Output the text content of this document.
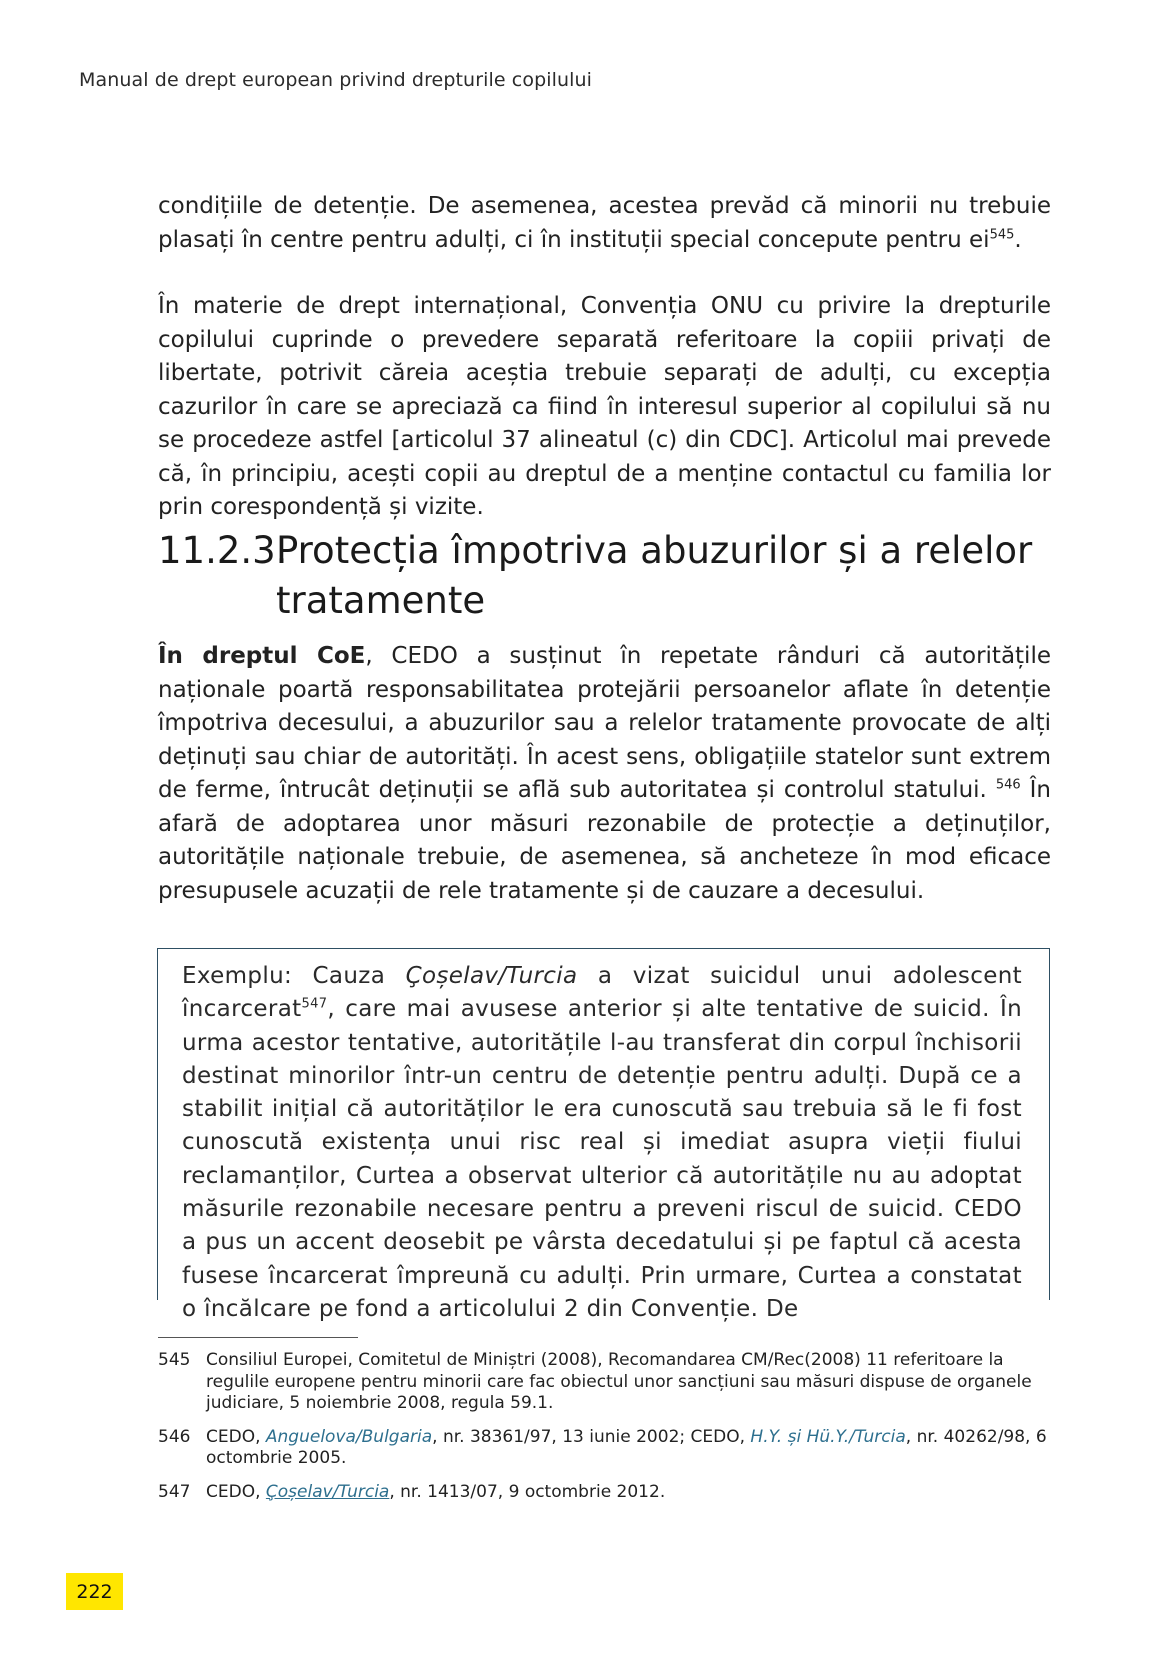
Manual de drept european privind drepturile copilului

condițiile de detenție. De asemenea, acestea prevăd că minorii nu trebuie plasați în centre pentru adulți, ci în instituții special concepute pentru $ei^{545}$.

În materie de drept internațional, Convenția ONU cu privire la drepturile copilului cuprinde o prevedere separată referitoare la copiii privați de libertate, potrivit căreia aceștia trebuie separați de adulți, cu excepția cazurilor în care se apreciază ca fiind în interesul superior al copilului să nu se procedeze astfel [articolul 37 alineatul (c) din CDC]. Articolul mai prevede că, în principiu, acești copii au dreptul de a menține contactul cu familia lor prin corespondență și vizite.

11.2.3.Protecția împotriva abuzurilor și a relelor
tratamente

În dreptul CoE, CEDO a susținut în repetate rânduri că autoritățile naționale poartă responsabilitatea protejării persoanelor aflate în detenție împotriva decesului, a abuzurilor sau a relelor tratamente provocate de alți deținuți sau chiar de autorități. În acest sens, obligațiile statelor sunt extrem de ferme, întrucât deținuții se află sub autoritatea și controlul statului. $^{546}$ În afară de adoptarea unor măsuri rezonabile de protecție a deținuților, autoritățile naționale trebuie, de asemenea, să ancheteze în mod eficace presupusele acuzații de rele tratamente și de cauzare a decesului.

Exemplu: Cauza Çoșelav/Turcia a vizat suicidul unui adolescent încarcerat$^{547}$, care mai avusese anterior și alte tentative de suicid. În urma acestor tentative, autoritățile l-au transferat din corpul închisorii destinat minorilor într-un centru de detenție pentru adulți. După ce a stabilit inițial că autorităților le era cunoscută sau trebuia să le fi fost cunoscută existența unui risc real și imediat asupra vieții fiului reclamanților, Curtea a observat ulterior că autoritățile nu au adoptat măsurile rezonabile necesare pentru a preveni riscul de suicid. CEDO a pus un accent deosebit pe vârsta decedatului și pe faptul că acesta fusese încarcerat împreună cu adulți. Prin urmare, Curtea a constatat o încălcare pe fond a articolului 2 din Convenție. De

545 Consiliul Europei, Comitetul de Miniștri (2008), Recomandarea CM/Rec(2008) 11 referitoare la regulile europene pentru minorii care fac obiectul unor sancțiuni sau măsuri dispuse de organele judiciare, 5 noiembrie 2008, regula 59.1.
546 CEDO, Anguelova/Bulgaria, nr. 38361/97, 13 iunie 2002; CEDO, H.Y. și Hü.Y./Turcia, nr. 40262/98, 6 octombrie 2005.
547 CEDO, Çoșelav/Turcia, nr. 1413/07, 9 octombrie 2012.
222
